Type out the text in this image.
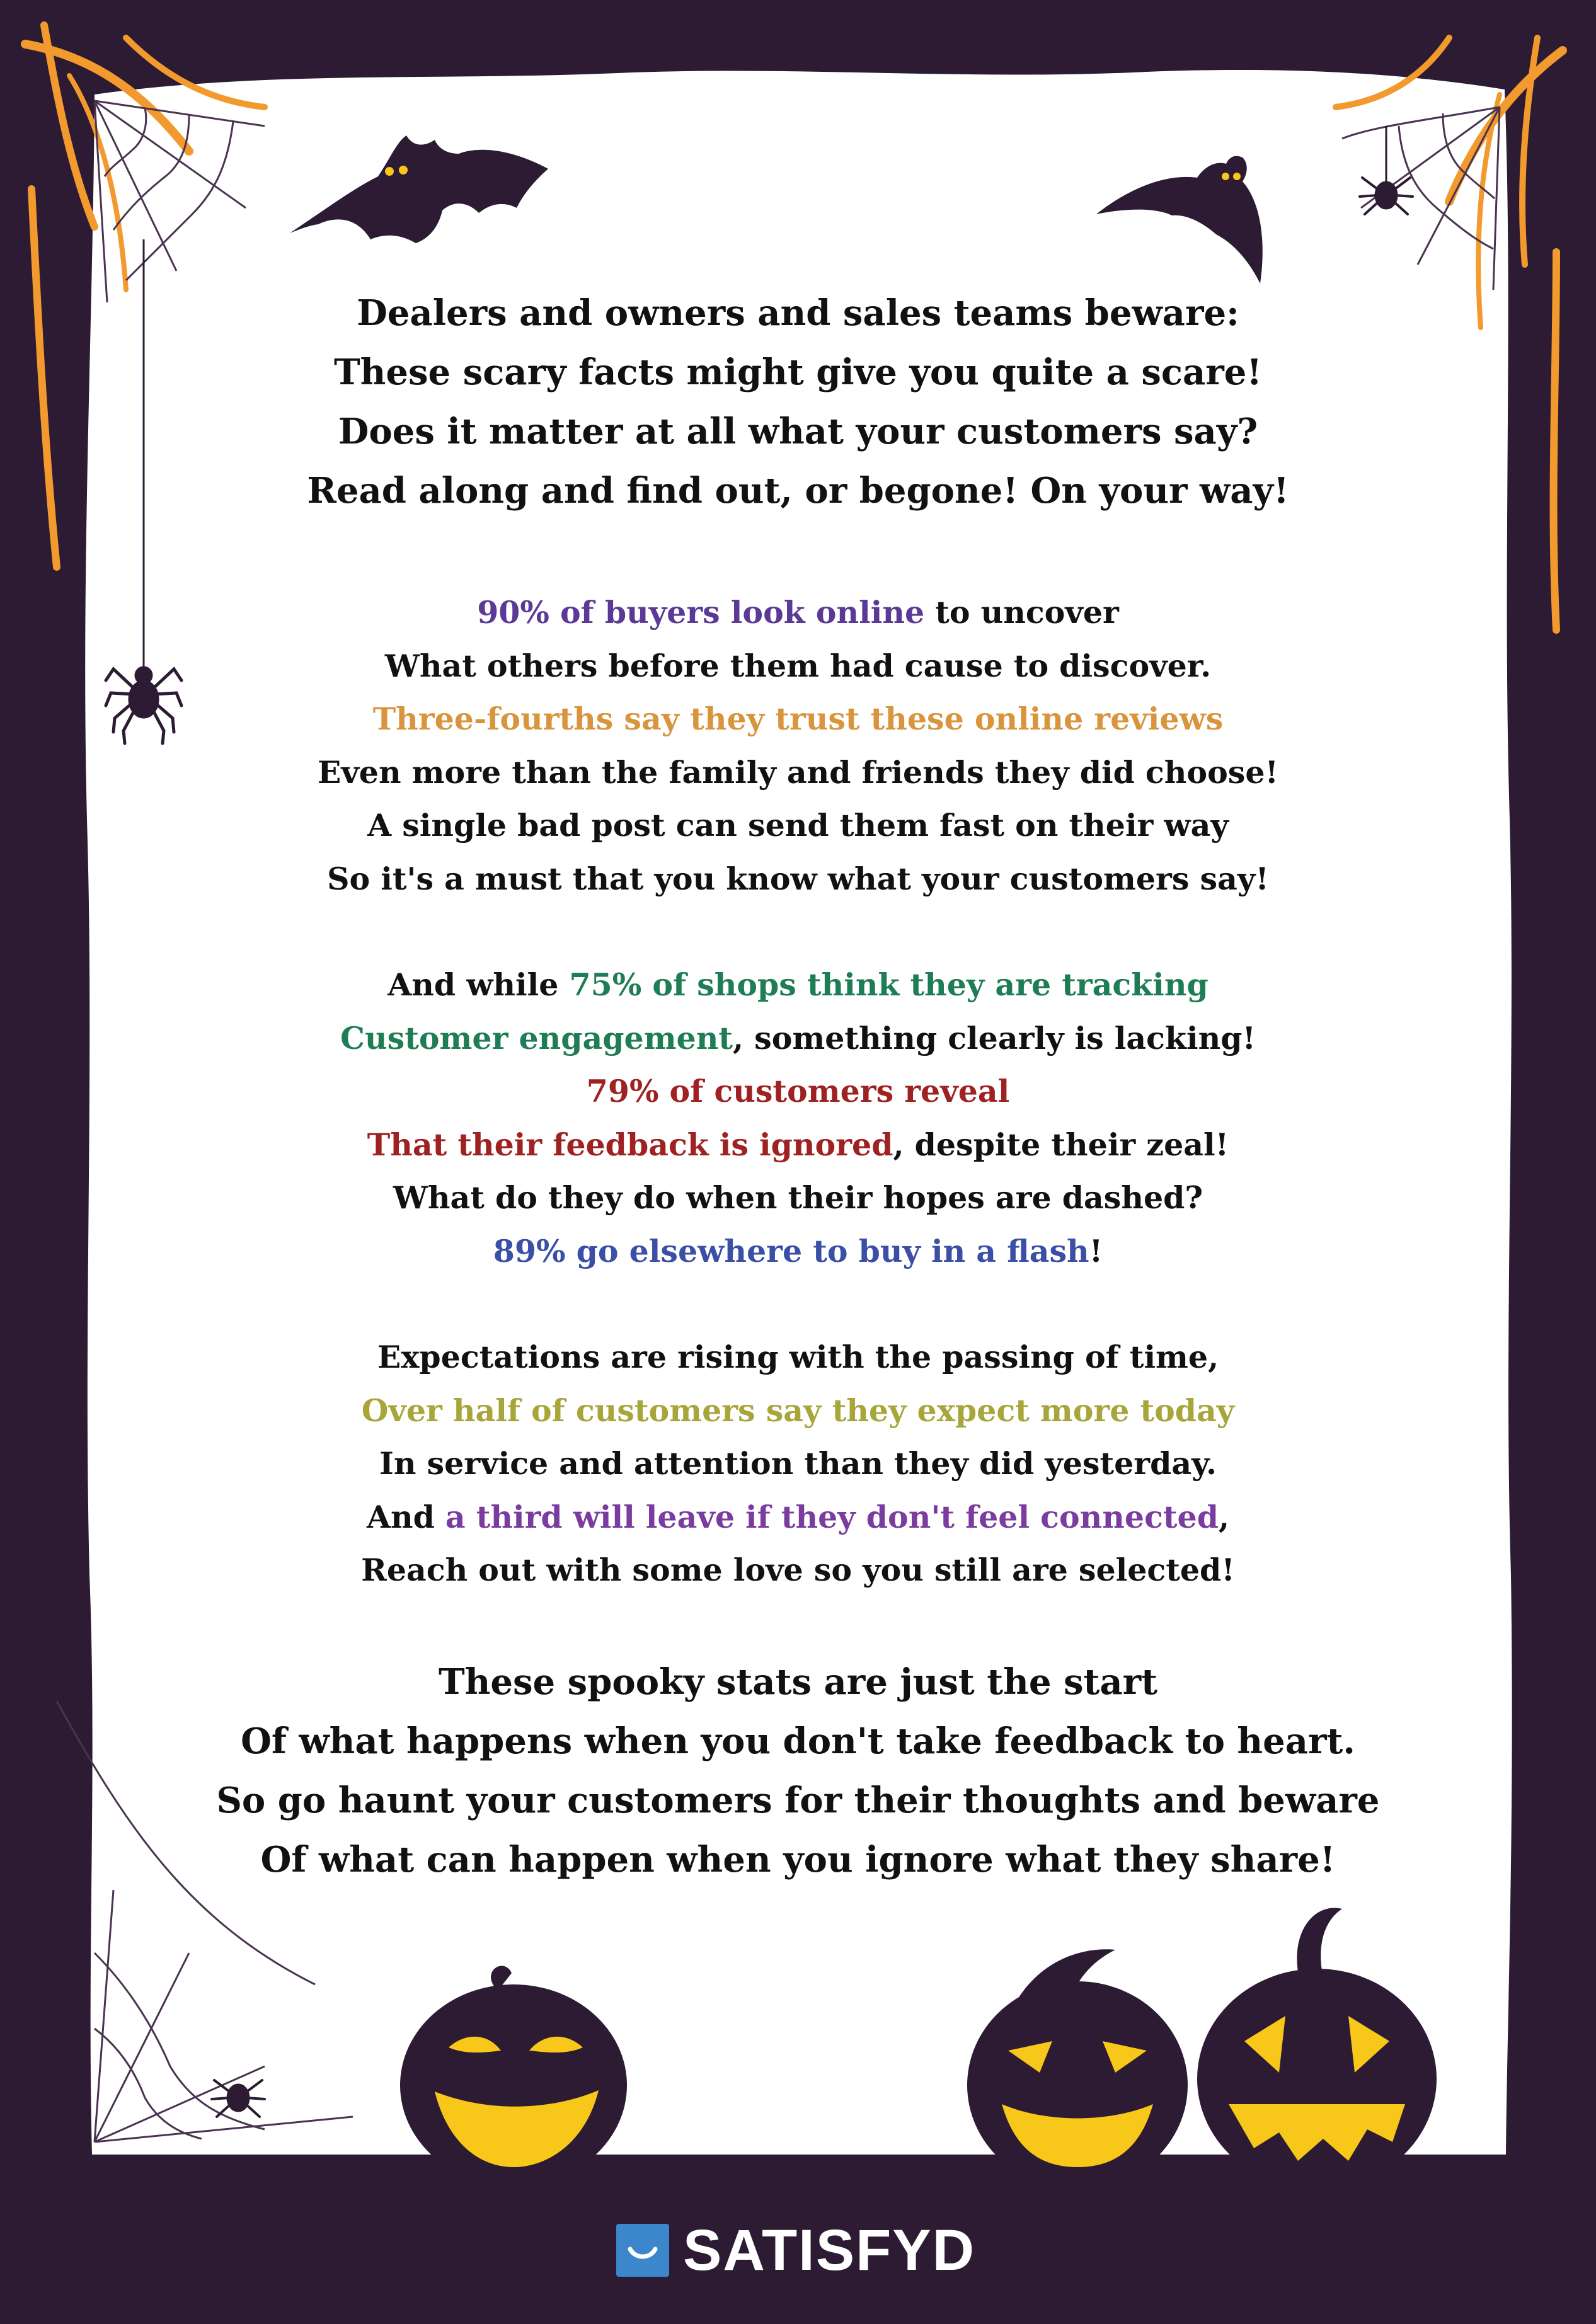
Dealers and owners and sales teams beware:
These scary facts might give you quite a scare!
Does it matter at all what your customers say?
Read along and find out, or begone! On your way!
90% of buyers look online to uncover
What others before them had cause to discover.
Three-fourths say they trust these online reviews
Even more than the family and friends they did choose!
A single bad post can send them fast on their way
So it's a must that you know what your customers say!
And while 75% of shops think they are tracking
Customer engagement, something clearly is lacking!
79% of customers reveal
That their feedback is ignored, despite their zeal!
What do they do when their hopes are dashed?
89% go elsewhere to buy in a flash!
Expectations are rising with the passing of time,
Over half of customers say they expect more today
In service and attention than they did yesterday.
And a third will leave if they don't feel connected,
Reach out with some love so you still are selected!
These spooky stats are just the start
Of what happens when you don't take feedback to heart.
So go haunt your customers for their thoughts and beware
Of what can happen when you ignore what they share!
SATISFYD
